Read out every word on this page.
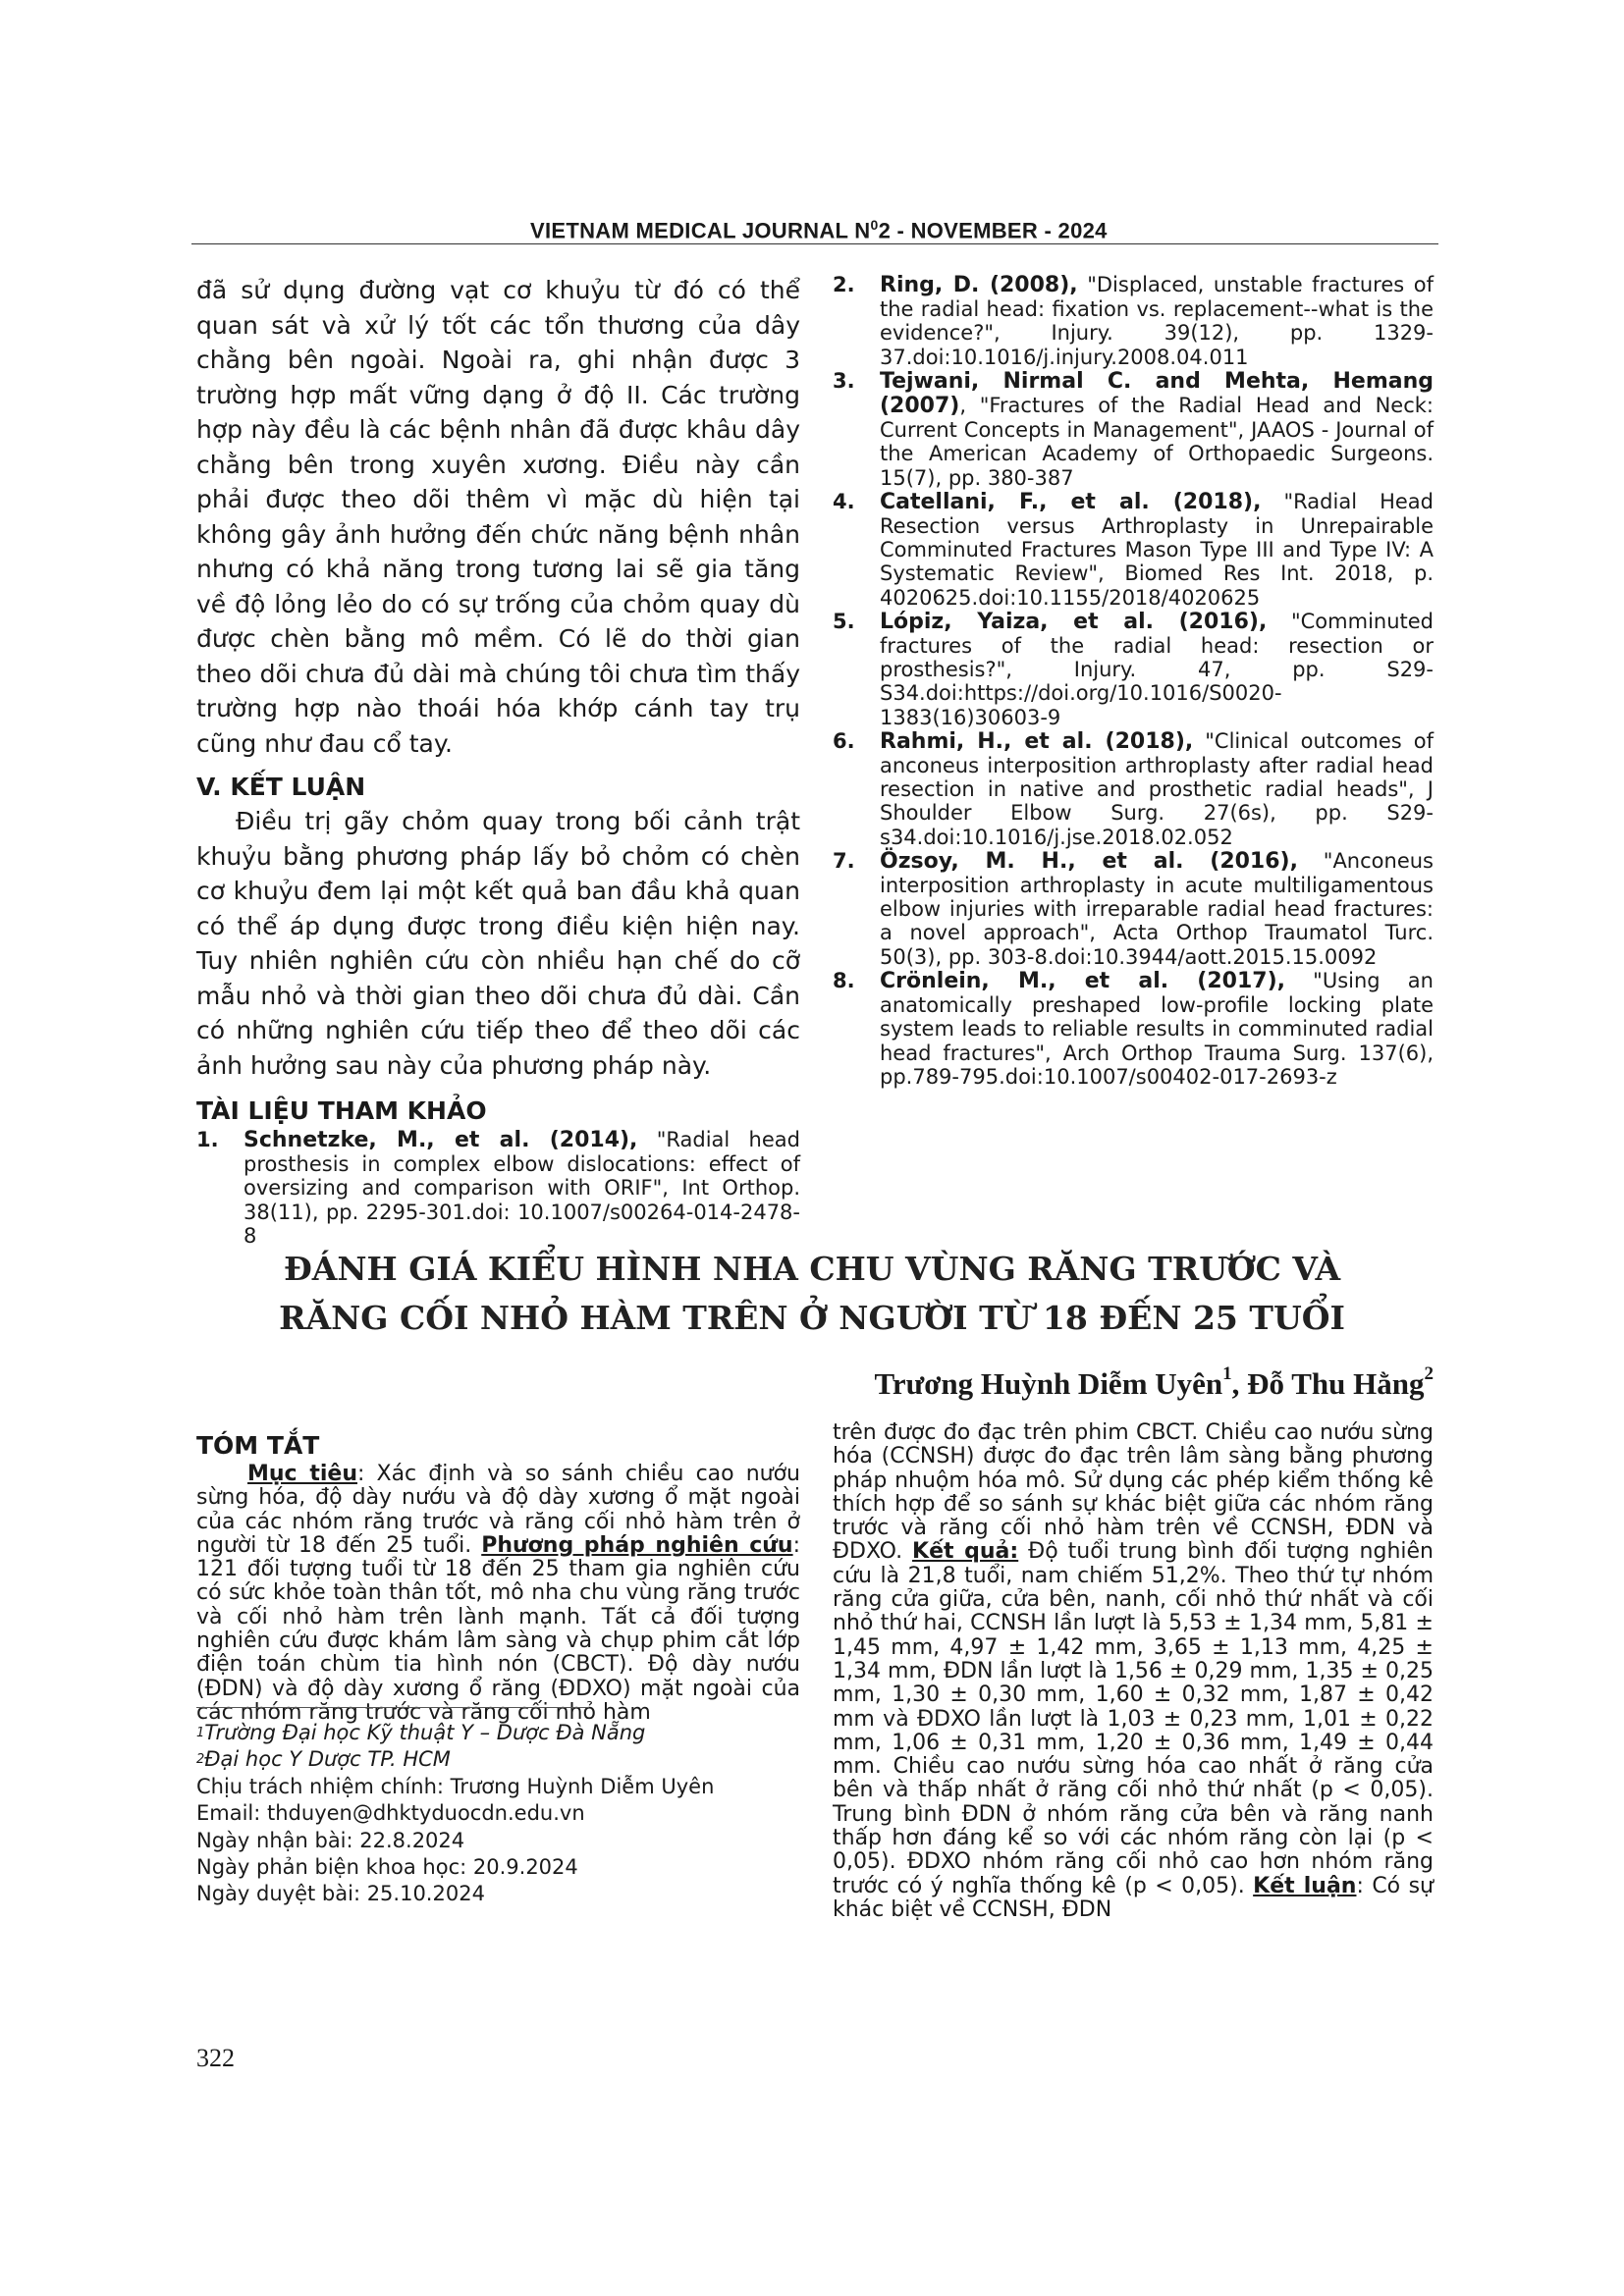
VIETNAM MEDICAL JOURNAL $N^02$ - NOVEMBER - 2024

đã sử dụng đường vạt cơ khuỷu từ đó có thể quan sát và xử lý tốt các tổn thương của dây chằng bên ngoài. Ngoài ra, ghi nhận được 3 trường hợp mất vững dạng ở độ II. Các trường hợp này đều là các bệnh nhân đã được khâu dây chằng bên trong xuyên xương. Điều này cần phải được theo dõi thêm vì mặc dù hiện tại không gây ảnh hưởng đến chức năng bệnh nhân nhưng có khả năng trong tương lai sẽ gia tăng về độ lỏng lẻo do có sự trống của chỏm quay dù được chèn bằng mô mềm. Có lẽ do thời gian theo dõi chưa đủ dài mà chúng tôi chưa tìm thấy trường hợp nào thoái hóa khớp cánh tay trụ cũng như đau cổ tay.

V. KẾT LUẬN

Điều trị gãy chỏm quay trong bối cảnh trật khuỷu bằng phương pháp lấy bỏ chỏm có chèn cơ khuỷu đem lại một kết quả ban đầu khả quan có thể áp dụng được trong điều kiện hiện nay. Tuy nhiên nghiên cứu còn nhiều hạn chế do cỡ mẫu nhỏ và thời gian theo dõi chưa đủ dài. Cần có những nghiên cứu tiếp theo để theo dõi các ảnh hưởng sau này của phương pháp này.

TÀI LIỆU THAM KHẢO
1. Schnetzke, M., et al. (2014), "Radial head prosthesis in complex elbow dislocations: effect of oversizing and comparison with ORIF", Int Orthop. 38(11), pp. 2295-301.doi: 10.1007/s00264-014-2478-8
2. Ring, D. (2008), "Displaced, unstable fractures of the radial head: fixation vs. replacement--what is the evidence?", Injury. 39(12), pp. 1329-37.doi:10.1016/j.injury.2008.04.011
3. Tejwani, Nirmal C. and Mehta, Hemang (2007), "Fractures of the Radial Head and Neck: Current Concepts in Management", JAAOS - Journal of the American Academy of Orthopaedic Surgeons. 15(7), pp. 380-387
4. Catellani, F., et al. (2018), "Radial Head Resection versus Arthroplasty in Unrepairable Comminuted Fractures Mason Type III and Type IV: A Systematic Review", Biomed Res Int. 2018, p. 4020625.doi:10.1155/2018/4020625
5. Lópiz, Yaiza, et al. (2016), "Comminuted fractures of the radial head: resection or prosthesis?", Injury. 47, pp. S29-S34.doi:https://doi.org/10.1016/S0020-1383(16)30603-9
6. Rahmi, H., et al. (2018), "Clinical outcomes of anconeus interposition arthroplasty after radial head resection in native and prosthetic radial heads", J Shoulder Elbow Surg. 27(6s), pp. S29-s34.doi:10.1016/j.jse.2018.02.052
7. Özsoy, M. H., et al. (2016), "Anconeus interposition arthroplasty in acute multiligamentous elbow injuries with irreparable radial head fractures: a novel approach", Acta Orthop Traumatol Turc. 50(3), pp. 303-8.doi:10.3944/aott.2015.15.0092
8. Crönlein, M., et al. (2017), "Using an anatomically preshaped low-profile locking plate system leads to reliable results in comminuted radial head fractures", Arch Orthop Trauma Surg. 137(6), pp.789-795.doi:10.1007/s00402-017-2693-z
ĐÁNH GIÁ KIỂU HÌNH NHA CHU VÙNG RĂNG TRƯỚC VÀ
RĂNG CỐI NHỎ HÀM TRÊN Ở NGƯỜI TỪ 18 ĐẾN 25 TUỔI
Trương Huỳnh Diễm Uyên$^1$, Đỗ Thu Hằng$^2$
TÓM TẮT

Mục tiêu: Xác định và so sánh chiều cao nướu sừng hóa, độ dày nướu và độ dày xương ổ mặt ngoài của các nhóm răng trước và răng cối nhỏ hàm trên ở người từ 18 đến 25 tuổi. Phương pháp nghiên cứu: 121 đối tượng tuổi từ 18 đến 25 tham gia nghiên cứu có sức khỏe toàn thân tốt, mô nha chu vùng răng trước và cối nhỏ hàm trên lành mạnh. Tất cả đối tượng nghiên cứu được khám lâm sàng và chụp phim cắt lớp điện toán chùm tia hình nón (CBCT). Độ dày nướu (ĐDN) và độ dày xương ổ răng (ĐDXO) mặt ngoài của các nhóm răng trước và răng cối nhỏ hàm

trên được đo đạc trên phim CBCT. Chiều cao nướu sừng hóa (CCNSH) được đo đạc trên lâm sàng bằng phương pháp nhuộm hóa mô. Sử dụng các phép kiểm thống kê thích hợp để so sánh sự khác biệt giữa các nhóm răng trước và răng cối nhỏ hàm trên về CCNSH, ĐDN và ĐDXO. Kết quả: Độ tuổi trung bình đối tượng nghiên cứu là 21,8 tuổi, nam chiếm 51,2%. Theo thứ tự nhóm răng cửa giữa, cửa bên, nanh, cối nhỏ thứ nhất và cối nhỏ thứ hai, CCNSH lần lượt là 5,53 ± 1,34 mm, 5,81 ± 1,45 mm, 4,97 ± 1,42 mm, 3,65 ± 1,13 mm, 4,25 ± 1,34 mm, ĐDN lần lượt là 1,56 ± 0,29 mm, 1,35 ± 0,25 mm, 1,30 ± 0,30 mm, 1,60 ± 0,32 mm, 1,87 ± 0,42 mm và ĐDXO lần lượt là 1,03 ± 0,23 mm, 1,01 ± 0,22 mm, 1,06 ± 0,31 mm, 1,20 ± 0,36 mm, 1,49 ± 0,44 mm. Chiều cao nướu sừng hóa cao nhất ở răng cửa bên và thấp nhất ở răng cối nhỏ thứ nhất (p < 0,05). Trung bình ĐDN ở nhóm răng cửa bên và răng nanh thấp hơn đáng kể so với các nhóm răng còn lại (p < 0,05). ĐDXO nhóm răng cối nhỏ cao hơn nhóm răng trước có ý nghĩa thống kê (p < 0,05). Kết luận: Có sự khác biệt về CCNSH, ĐDN

$^1$Trường Đại học Kỹ thuật Y – Dược Đà Nẵng
$^2$Đại học Y Dược TP. HCM
Chịu trách nhiệm chính: Trương Huỳnh Diễm Uyên
Email: thduyen@dhktyduocdn.edu.vn
Ngày nhận bài: 22.8.2024
Ngày phản biện khoa học: 20.9.2024
Ngày duyệt bài: 25.10.2024
322
